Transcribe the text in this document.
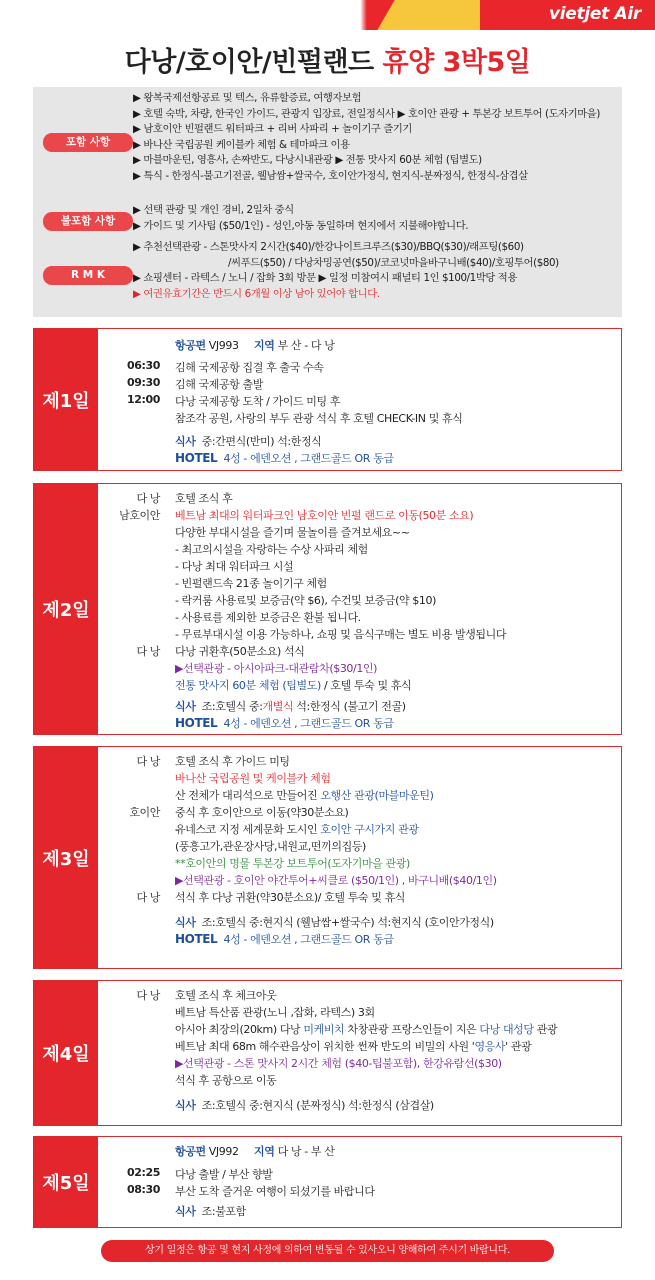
vietjet Air
다낭/호이안/빈펄랜드 휴양 3박5일
포함 사항
▶ 왕복국제선항공료 및 텍스, 유류할증료, 여행자보험
▶ 호텔 숙박, 차량, 한국인 가이드, 관광지 입장료, 전일정식사 ▶ 호이안 관광 + 투본강 보트투어 (도자기마을)
▶ 남호이안 빈펄랜드 워터파크 + 리버 사파리 + 놀이기구 즐기기
▶ 바나산 국립공원 케이블카 체험 & 테마파크 이용
▶ 마블마운틴, 영흥사, 손짜반도, 다낭시내관광 ▶ 전통 맛사지 60분 체험 (팁별도)
▶ 특식 - 한정식-불고기전골, 웰남쌈+쌀국수, 호이안가정식, 현지식-분짜정식, 한정식-삼겹살
불포함 사항
▶ 선택 관광 및 개인 경비, 2일차 중식
▶ 가이드 및 기사팁 ($50/1인) - 성인,아동 동일하며 현지에서 지불해야합니다.
R M K
▶ 추천선택관광 - 스톤맛사지 2시간($40)/한강나이트크루즈($30)/BBQ($30)/래프팅($60)
/씨푸드($50) / 다낭차밍공연($50)/코코넛마을바구니배($40)/호핑투어($80)
▶ 쇼핑센터 - 라텍스 / 노니 / 잡화 3회 방문 ▶ 일정 미참여시 패널티 1인 $100/1박당 적용
▶ 여권유효기간은 반드시 6개월 이상 남아 있어야 합니다.
제1일
항공편 VJ993 지역 부 산 - 다 낭
06:30 김해 국제공항 집결 후 출국 수속
09:30 김해 국제공항 출발
12:00 다낭 국제공항 도착 / 가이드 미팅 후
참조각 공원, 사랑의 부두 관광 석식 후 호텔 CHECK-IN 및 휴식
식사 중:간편식(반미) 석:한정식
HOTEL 4성 - 에덴오션 , 그랜드골드 OR 동급
제2일
다 낭 호텔 조식 후
남호이안 베트남 최대의 워터파크인 남호이안 빈펄 랜드로 이동(50분 소요)
다양한 부대시설을 즐기며 물놀이를 즐겨보세요~~
- 최고의시설을 자랑하는 수상 사파리 체험
- 다낭 최대 워터파크 시설
- 빈펄랜드속 21종 놀이기구 체험
- 락커룸 사용료및 보증금(약 $6), 수건및 보증금(약 $10)
- 사용료를 제외한 보증금은 환불 됩니다.
- 무료부대시설 이용 가능하나, 쇼핑 및 음식구매는 별도 비용 발생됩니다
다 낭 다낭 귀환후(50분소요) 석식
▶선택관광 - 아시아파크-대관람차($30/1인)
전통 맛사지 60분 체험 (팁별도) / 호텔 투숙 및 휴식
식사 조:호텔식 중:개별식 석:한정식 (불고기 전골)
HOTEL 4성 - 에덴오션 , 그랜드골드 OR 동급
제3일
다 낭 호텔 조식 후 가이드 미팅
바나산 국립공원 및 케이블카 체험
산 전체가 대리석으로 만들어진 오행산 관광(마블마운틴)
호이안 중식 후 호이안으로 이동(약30분소요)
유네스코 지정 세계문화 도시인 호이안 구시가지 관광
(풍흥고가,관운장사당,내원교,떤끼의집등)
**호이안의 명물 투본강 보트투어(도자기마을 관광)
▶선택관광 - 호이안 야간투어+씨클로 ($50/1인) , 바구니배($40/1인)
다 낭 석식 후 다낭 귀환(약30분소요)/ 호텔 투숙 및 휴식
식사 조:호텔식 중:현지식 (웰남쌈+쌀국수) 석:현지식 (호이안가정식)
HOTEL 4성 - 에덴오션 , 그랜드골드 OR 동급
제4일
다 낭 호텔 조식 후 체크아웃
베트남 특산품 관광(노니 ,잡화, 라텍스) 3회
아시아 최장의(20km) 다낭 미케비치 차창관광 프랑스인들이 지은 다낭 대성당 관광
베트남 최대 68m 해수관음상이 위치한 썬짜 반도의 비밀의 사원 '영응사' 관광
▶선택관광 - 스톤 맛사지 2시간 체험 ($40-팁불포함), 한강유람선($30)
석식 후 공항으로 이동
식사 조:호텔식 중:현지식 (분짜정식) 석:한정식 (삼겹살)
제5일
항공편 VJ992 지역 다 낭 - 부 산
02:25 다낭 출발 / 부산 향발
08:30 부산 도착 즐거운 여행이 되셨기를 바랍니다
식사 조:불포함
상기 일정은 항공 및 현지 사정에 의하여 변동될 수 있사오니 양해하여 주시기 바랍니다.
